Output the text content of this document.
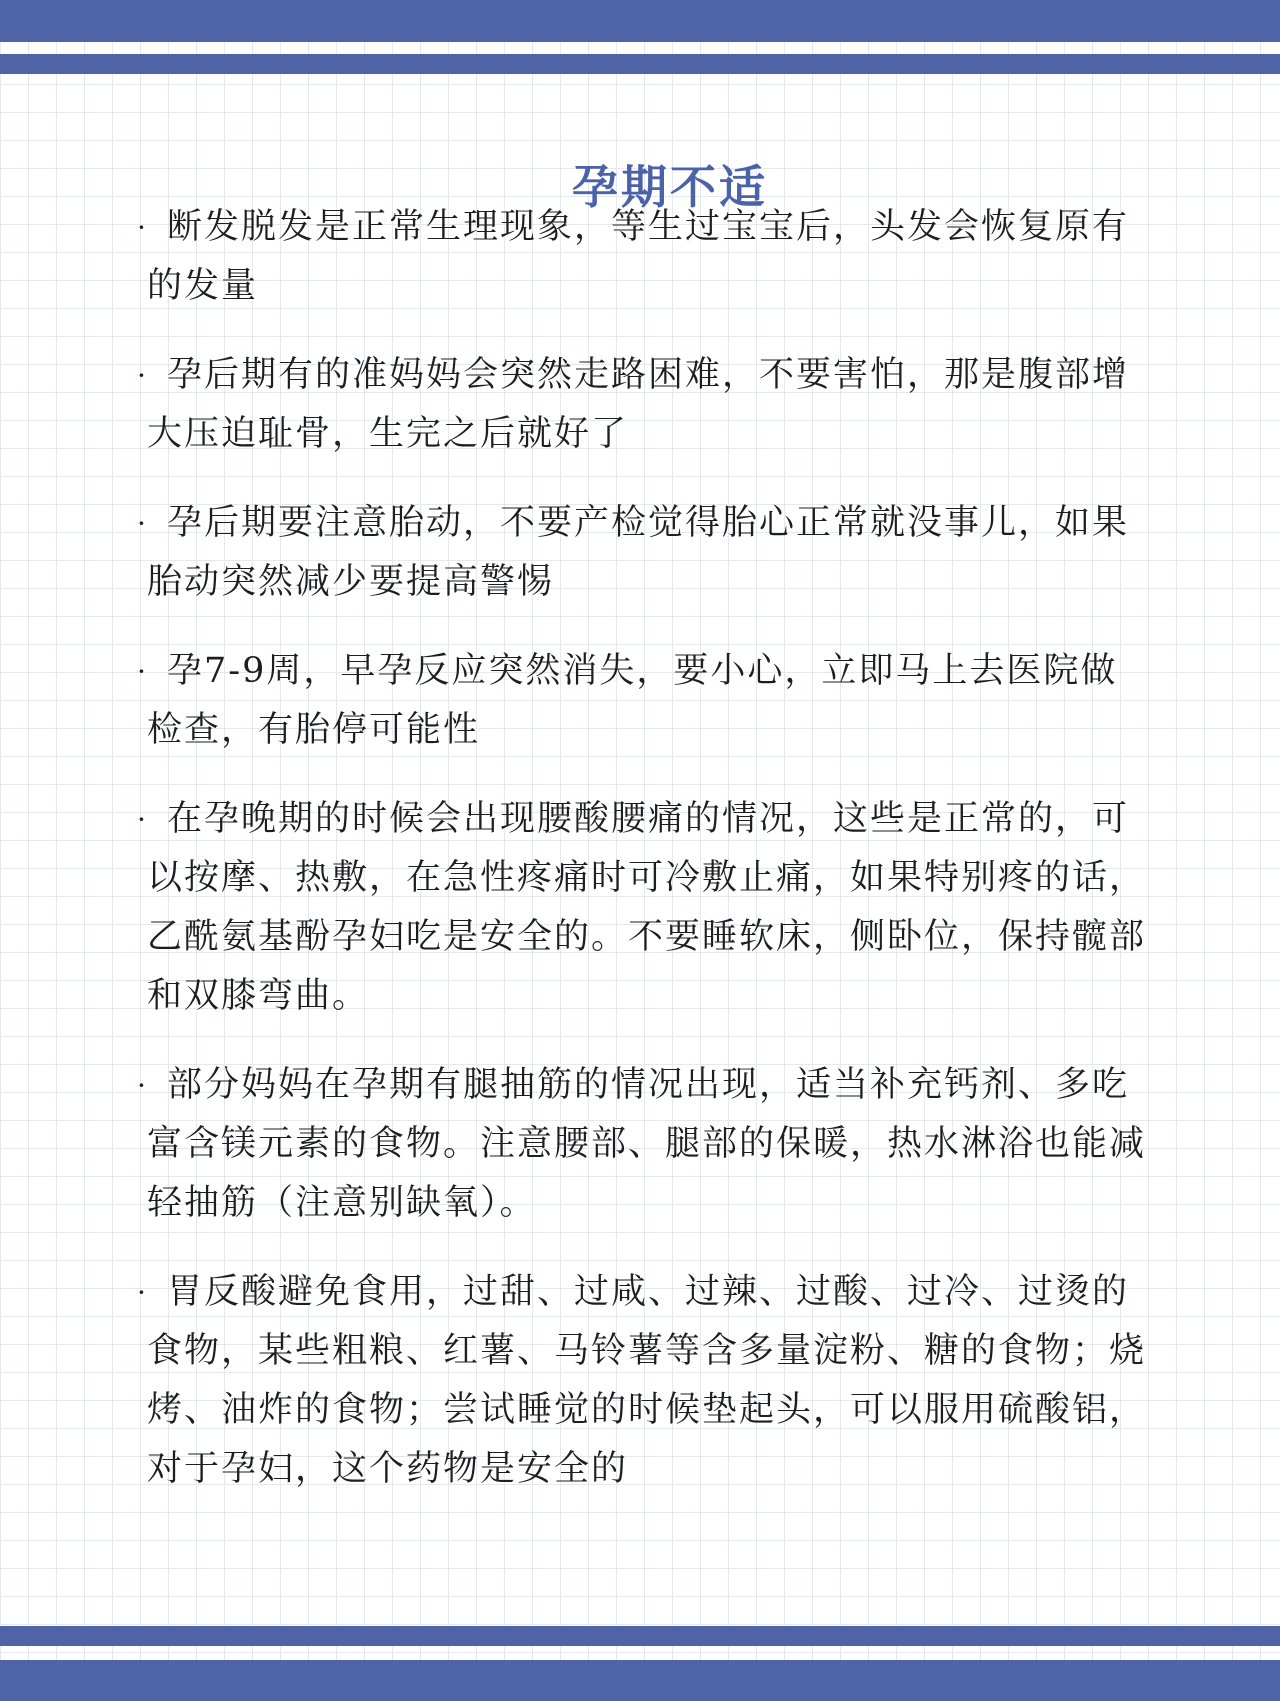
孕期不适
· 断发脱发是正常生理现象，等生过宝宝后，头发会恢复原有的发量
· 孕后期有的准妈妈会突然走路困难，不要害怕，那是腹部增大压迫耻骨，生完之后就好了
· 孕后期要注意胎动，不要产检觉得胎心正常就没事儿，如果胎动突然减少要提高警惕
· 孕7-9周，早孕反应突然消失，要小心，立即马上去医院做检查，有胎停可能性
· 在孕晚期的时候会出现腰酸腰痛的情况，这些是正常的，可以按摩、热敷，在急性疼痛时可冷敷止痛，如果特别疼的话，乙酰氨基酚孕妇吃是安全的。不要睡软床，侧卧位，保持髋部和双膝弯曲。
· 部分妈妈在孕期有腿抽筋的情况出现，适当补充钙剂、多吃富含镁元素的食物。注意腰部、腿部的保暖，热水淋浴也能减轻抽筋（注意别缺氧）。
· 胃反酸避免食用，过甜、过咸、过辣、过酸、过冷、过烫的食物，某些粗粮、红薯、马铃薯等含多量淀粉、糖的食物；烧烤、油炸的食物；尝试睡觉的时候垫起头，可以服用硫酸铝，对于孕妇，这个药物是安全的
